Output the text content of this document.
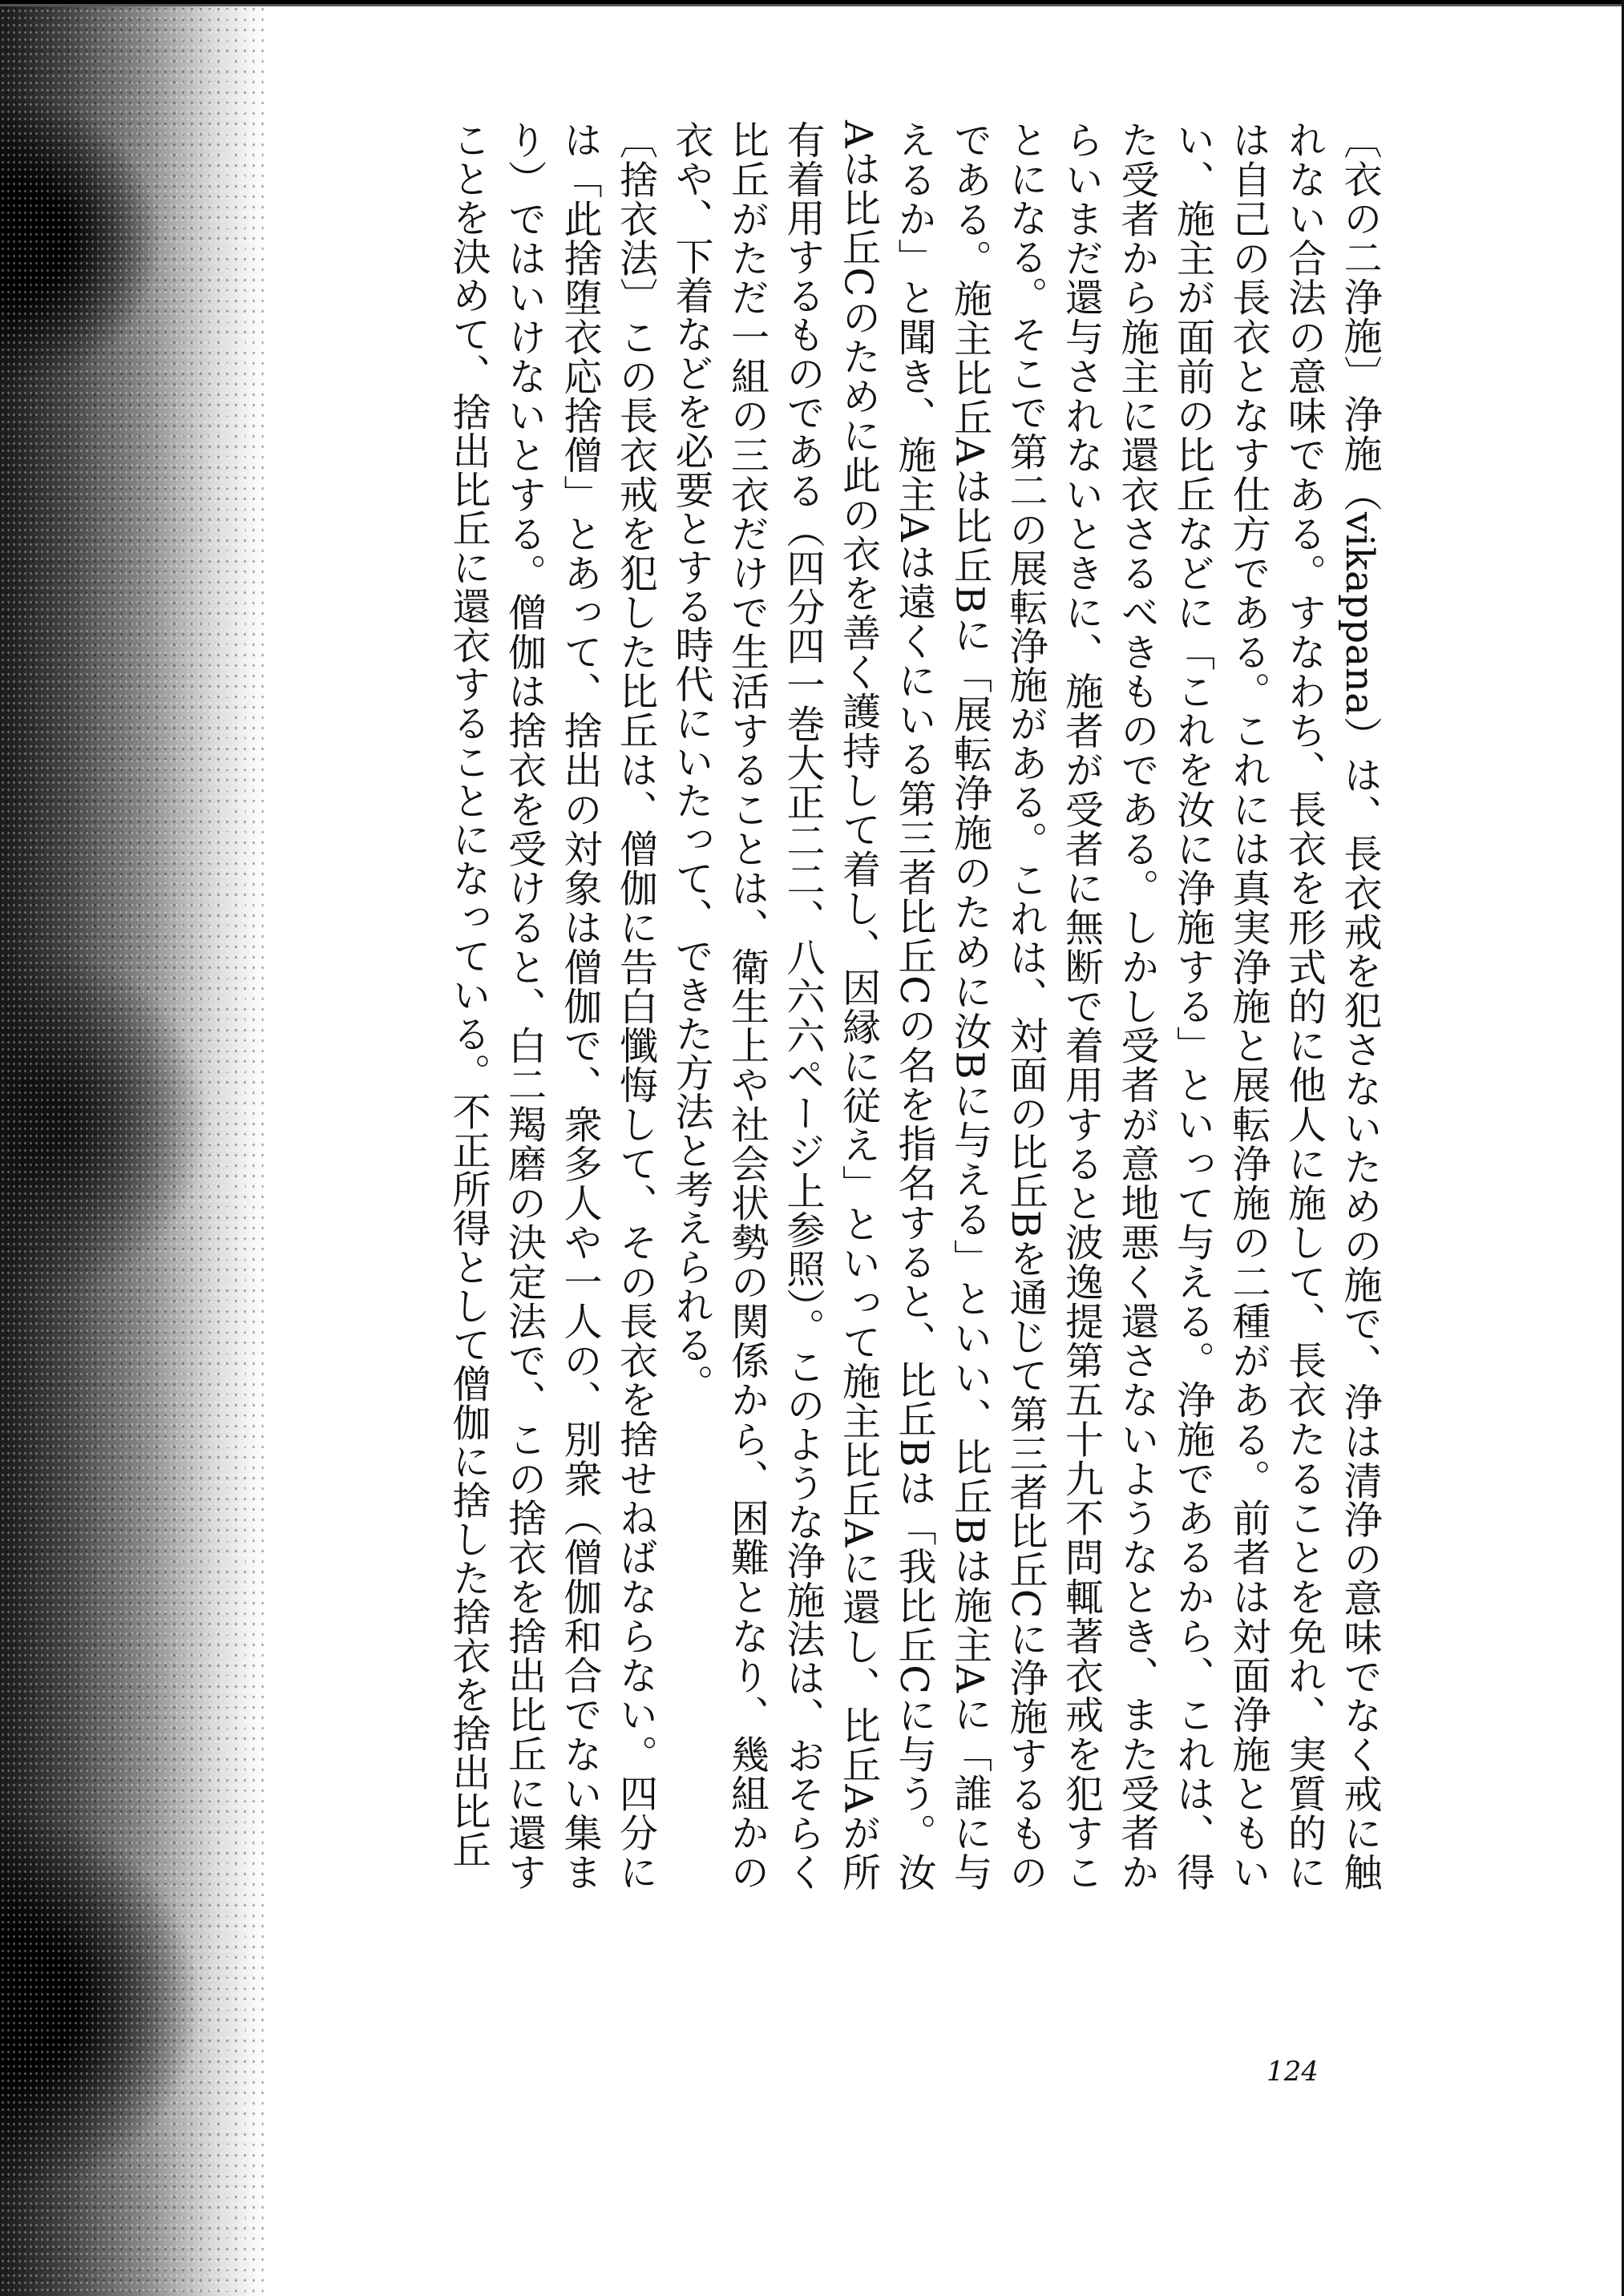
〔衣の二浄施〕浄施（vikappana）は、長衣戒を犯さないための施で、浄は清浄の意味でなく戒に触れない合法の意味である。すなわち、長衣を形式的に他人に施して、長衣たることを免れ、実質的には自己の長衣となす仕方である。これには真実浄施と展転浄施の二種がある。前者は対面浄施ともいい、施主が面前の比丘などに「これを汝に浄施する」といって与える。浄施であるから、これは、得た受者から施主に還衣さるべきものである。しかし受者が意地悪く還さないようなとき、また受者からいまだ還与されないときに、施者が受者に無断で着用すると波逸提第五十九不問輒著衣戒を犯すことになる。そこで第二の展転浄施がある。これは、対面の比丘Bを通じて第三者比丘Cに浄施するものである。施主比丘Aは比丘Bに「展転浄施のために汝Bに与える」といい、比丘Bは施主Aに「誰に与えるか」と聞き、施主Aは遠くにいる第三者比丘Cの名を指名すると、比丘Bは「我比丘Cに与う。汝Aは比丘Cのために此の衣を善く護持して着し、因縁に従え」といって施主比丘Aに還し、比丘Aが所有着用するものである（四分四一巻大正二二、八六六ページ上参照）。このような浄施法は、おそらく比丘がただ一組の三衣だけで生活することは、衛生上や社会状勢の関係から、困難となり、幾組かの衣や、下着などを必要とする時代にいたって、できた方法と考えられる。

〔捨衣法〕この長衣戒を犯した比丘は、僧伽に告白懺悔して、その長衣を捨せねばならない。四分には「此捨堕衣応捨僧」とあって、捨出の対象は僧伽で、衆多人や一人の、別衆（僧伽和合でない集まり）ではいけないとする。僧伽は捨衣を受けると、白二羯磨の決定法で、この捨衣を捨出比丘に還すことを決めて、捨出比丘に還衣することになっている。不正所得として僧伽に捨した捨衣を捨出比丘

124
